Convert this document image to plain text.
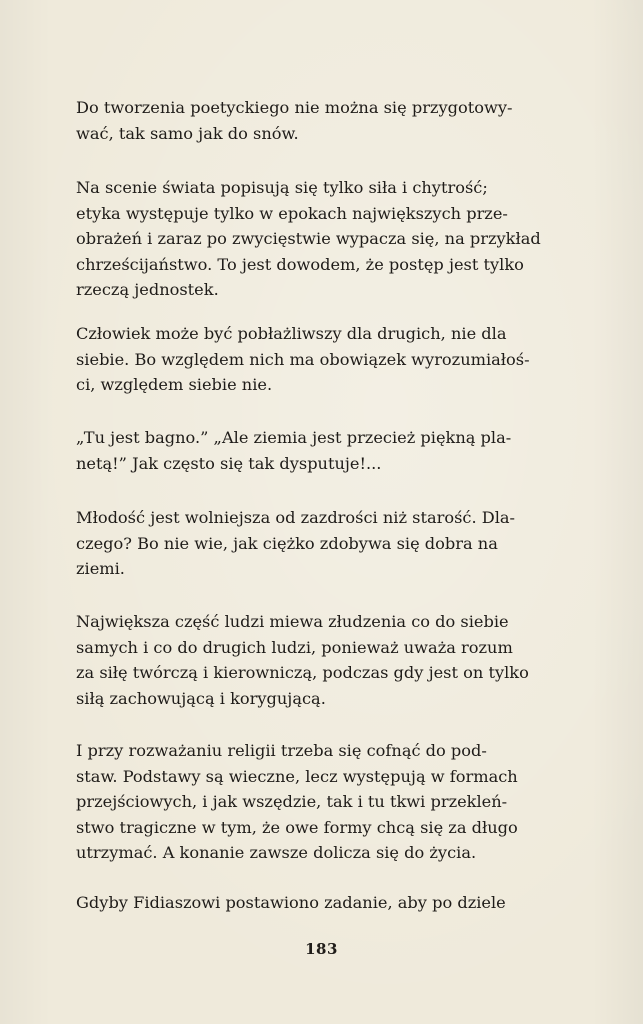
Do tworzenia poetyckiego nie można się przygotowy-
wać, tak samo jak do snów.

Na scenie świata popisują się tylko siła i chytrość;
etyka występuje tylko w epokach największych prze-
obrażeń i zaraz po zwycięstwie wypacza się, na przykład
chrześcijaństwo. To jest dowodem, że postęp jest tylko
rzeczą jednostek.

Człowiek może być pobłażliwszy dla drugich, nie dla
siebie. Bo względem nich ma obowiązek wyrozumiałoś-
ci, względem siebie nie.

„Tu jest bagno.” „Ale ziemia jest przecież piękną pla-
netą!” Jak często się tak dysputuje!...

Młodość jest wolniejsza od zazdrości niż starość. Dla-
czego? Bo nie wie, jak ciężko zdobywa się dobra na
ziemi.

Największa część ludzi miewa złudzenia co do siebie
samych i co do drugich ludzi, ponieważ uważa rozum
za siłę twórczą i kierowniczą, podczas gdy jest on tylko
siłą zachowującą i korygującą.

I przy rozważaniu religii trzeba się cofnąć do pod-
staw. Podstawy są wieczne, lecz występują w formach
przejściowych, i jak wszędzie, tak i tu tkwi przekleń-
stwo tragiczne w tym, że owe formy chcą się za długo
utrzymać. A konanie zawsze dolicza się do życia.

Gdyby Fidiaszowi postawiono zadanie, aby po dziele

183
